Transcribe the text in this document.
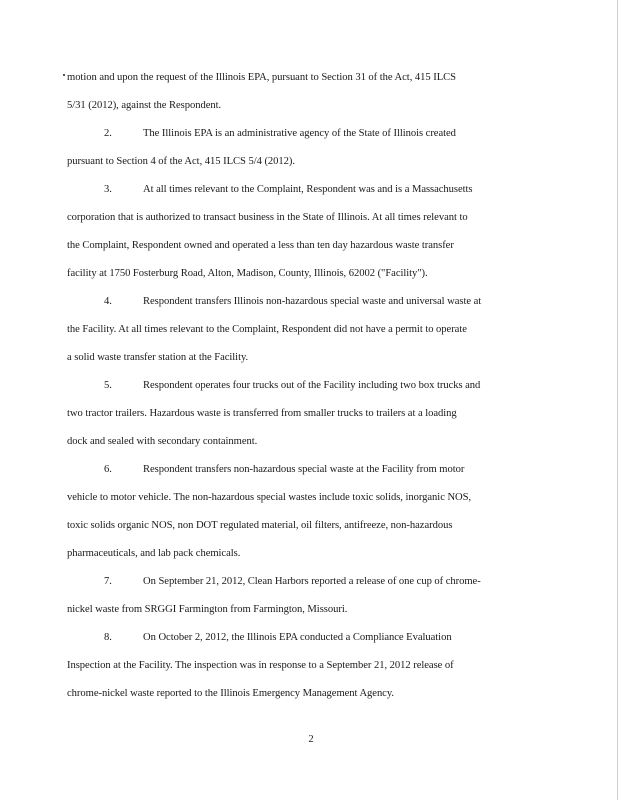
motion and upon the request of the Illinois EPA, pursuant to Section 31 of the Act, 415 ILCS
5/31 (2012), against the Respondent.
2.	The Illinois EPA is an administrative agency of the State of Illinois created
pursuant to Section 4 of the Act, 415 ILCS 5/4 (2012).
3.	At all times relevant to the Complaint, Respondent was and is a Massachusetts
corporation that is authorized to transact business in the State of Illinois. At all times relevant to
the Complaint, Respondent owned and operated a less than ten day hazardous waste transfer
facility at 1750 Fosterburg Road, Alton, Madison, County, Illinois, 62002 ("Facility").
4.	Respondent transfers Illinois non-hazardous special waste and universal waste at
the Facility. At all times relevant to the Complaint, Respondent did not have a permit to operate
a solid waste transfer station at the Facility.
5.	Respondent operates four trucks out of the Facility including two box trucks and
two tractor trailers. Hazardous waste is transferred from smaller trucks to trailers at a loading
dock and sealed with secondary containment.
6.	Respondent transfers non-hazardous special waste at the Facility from motor
vehicle to motor vehicle. The non-hazardous special wastes include toxic solids, inorganic NOS,
toxic solids organic NOS, non DOT regulated material, oil filters, antifreeze, non-hazardous
pharmaceuticals, and lab pack chemicals.
7.	On September 21, 2012, Clean Harbors reported a release of one cup of chrome-
nickel waste from SRGGI Farmington from Farmington, Missouri.
8.	On October 2, 2012, the Illinois EPA conducted a Compliance Evaluation
Inspection at the Facility. The inspection was in response to a September 21, 2012 release of
chrome-nickel waste reported to the Illinois Emergency Management Agency.
2
